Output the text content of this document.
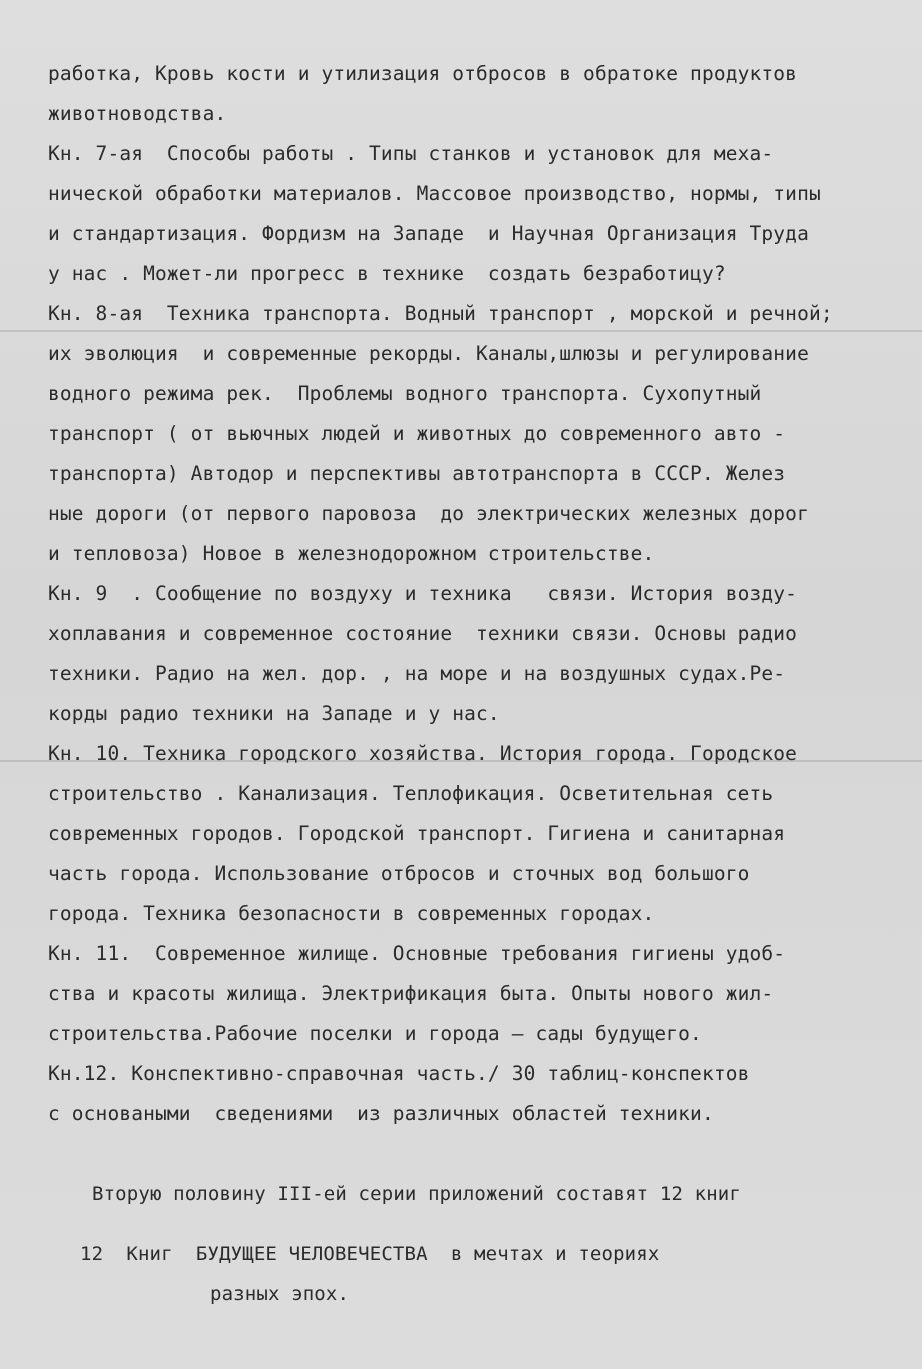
работка, Кровь кости и утилизация отбросов в обратоке продуктов
животноводства.
Кн. 7-ая  Способы работы . Типы станков и установок для меха-
нической обработки материалов. Массовое производство, нормы, типы
и стандартизация. Фордизм на Западе  и Научная Организация Труда
у нас . Может-ли прогресс в технике  создать безработицу?
Кн. 8-ая  Техника транспорта. Водный транспорт , морской и речной;
их эволюция  и современные рекорды. Каналы,шлюзы и регулирование
водного режима рек.  Проблемы водного транспорта. Сухопутный
транспорт ( от вьючных людей и животных до современного авто -
транспорта) Автодор и перспективы автотранспорта в СССР. Желез
ные дороги (от первого паровоза  до электрических железных дорог
и тепловоза) Новое в железнодорожном строительстве.
Кн. 9  . Сообщение по воздуху и техника   связи. История возду-
хоплавания и современное состояние  техники связи. Основы радио
техники. Радио на жел. дор. , на море и на воздушных судах.Ре-
корды радио техники на Западе и у нас.
Кн. 10. Техника городского хозяйства. История города. Городское
строительство . Канализация. Теплофикация. Осветительная сеть
современных городов. Городской транспорт. Гигиена и санитарная
часть города. Использование отбросов и сточных вод большого
города. Техника безопасности в современных городах.
Кн. 11.  Современное жилище. Основные требования гигиены удоб-
ства и красоты жилища. Электрификация быта. Опыты нового жил-
строительства.Рабочие поселки и города — сады будущего.
Кн.12. Конспективно-справочная часть./ 30 таблиц-конспектов
с основаными  сведениями  из различных областей техники.
Вторую половину III-ей серии приложений составят 12 книг
12  Книг  БУДУЩЕЕ ЧЕЛОВЕЧЕСТВА  в мечтах и теориях
разных эпох.
